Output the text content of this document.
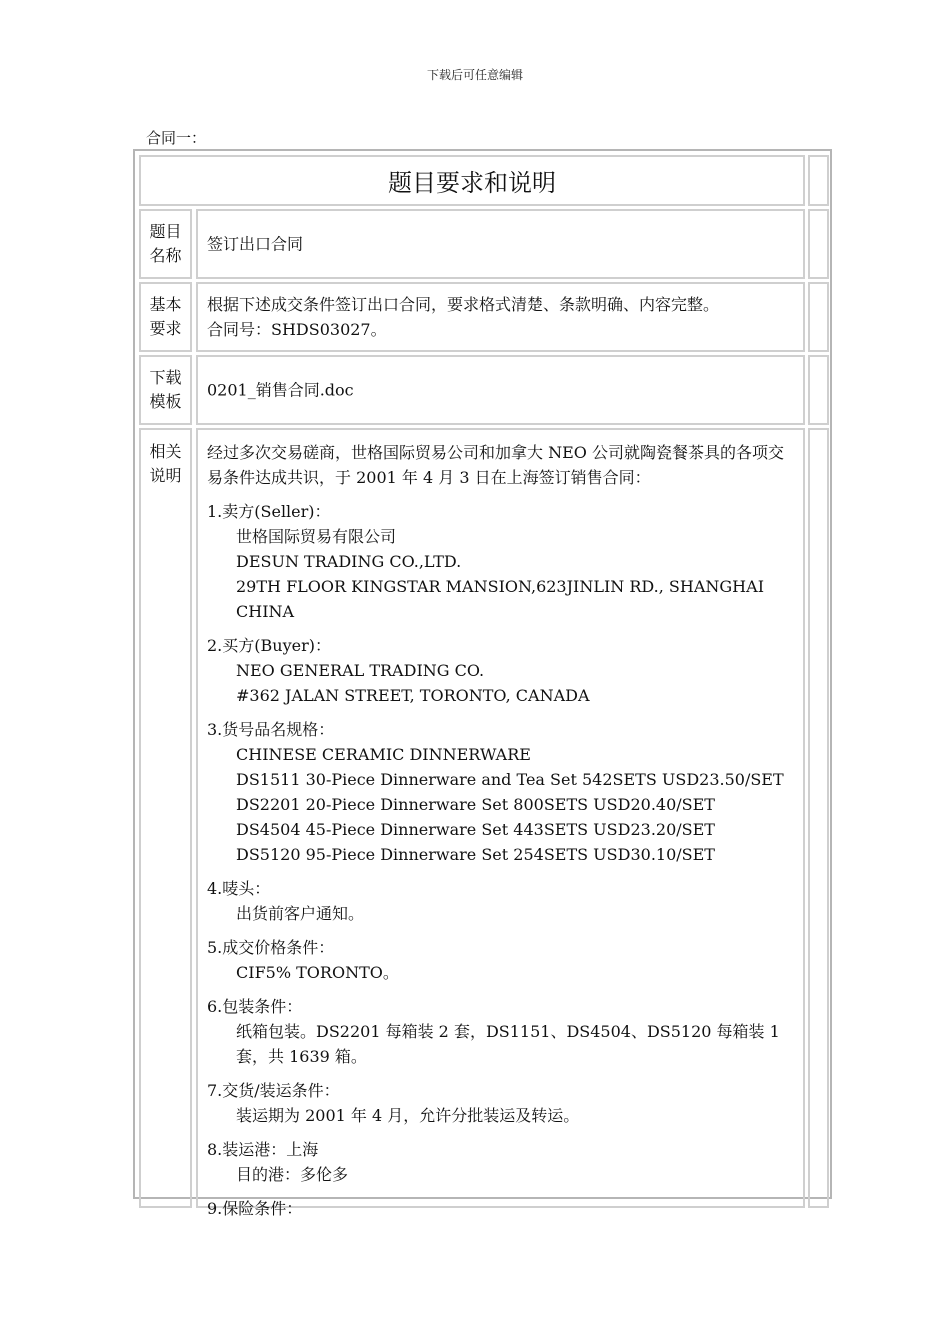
下载后可任意编辑
合同一：
题目要求和说明
题目
名称
签订出口合同
基本
要求
根据下述成交条件签订出口合同，要求格式清楚、条款明确、内容完整。
合同号：SHDS03027。
下载
模板
0201_销售合同.doc
相关
说明
经过多次交易磋商，世格国际贸易公司和加拿大 NEO 公司就陶瓷餐茶具的各项交易条件达成共识，于 2001 年 4 月 3 日在上海签订销售合同：
1.卖方(Seller)：
世格国际贸易有限公司
DESUN TRADING CO.,LTD.
29TH FLOOR KINGSTAR MANSION,623JINLIN RD., SHANGHAI CHINA
2.买方(Buyer)：
NEO GENERAL TRADING CO.
#362 JALAN STREET, TORONTO, CANADA
3.货号品名规格：
CHINESE CERAMIC DINNERWARE
DS1511 30-Piece Dinnerware and Tea Set 542SETS USD23.50/SET
DS2201 20-Piece Dinnerware Set 800SETS USD20.40/SET
DS4504 45-Piece Dinnerware Set 443SETS USD23.20/SET
DS5120 95-Piece Dinnerware Set 254SETS USD30.10/SET
4.唛头：
出货前客户通知。
5.成交价格条件：
CIF5% TORONTO。
6.包装条件：
纸箱包装。DS2201 每箱装 2 套，DS1151、DS4504、DS5120 每箱装 1 套，共 1639 箱。
7.交货/装运条件：
装运期为 2001 年 4 月，允许分批装运及转运。
8.装运港：上海
目的港：多伦多
9.保险条件：
